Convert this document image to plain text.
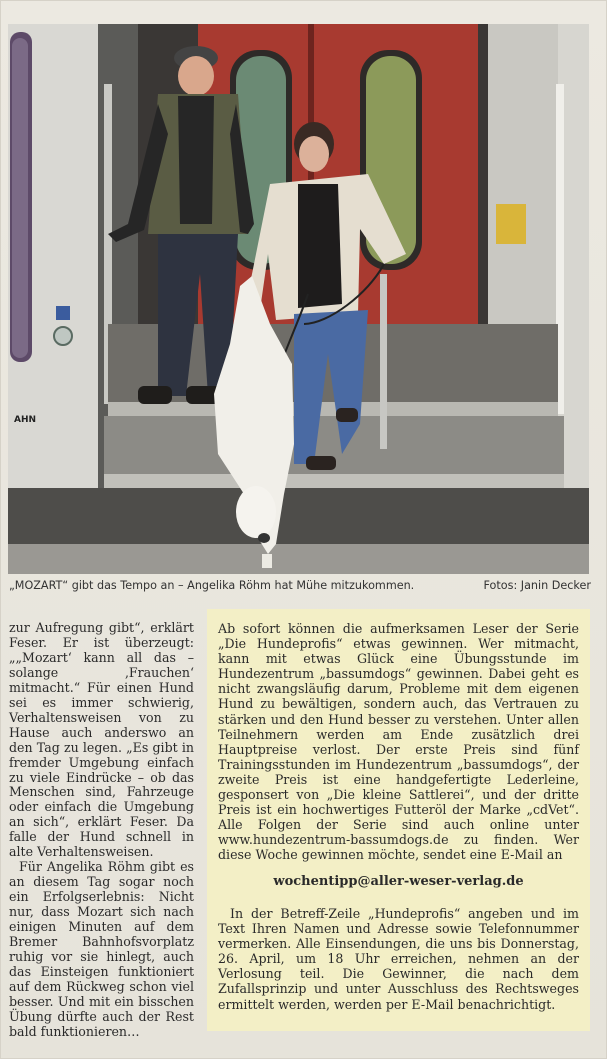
AHN
„MOZART“ gibt das Tempo an – Angelika Röhm hat Mühe mitzukommen.	Fotos: Janin Decker

zur Aufregung gibt“, erklärt Feser. Er ist überzeugt: „„Mozart‘ kann all das – solange ‚Frauchen‘ mitmacht.“ Für einen Hund sei es immer schwierig, Verhaltensweisen von zu Hause auch anderswo an den Tag zu legen. „Es gibt in fremder Umgebung einfach zu viele Eindrücke – ob das Menschen sind, Fahrzeuge oder einfach die Umgebung an sich“, erklärt Feser. Da falle der Hund schnell in alte Verhaltensweisen.

Für Angelika Röhm gibt es an diesem Tag sogar noch ein Erfolgserlebnis: Nicht nur, dass Mozart sich nach einigen Minuten auf dem Bremer Bahnhofsvorplatz ruhig vor sie hinlegt, auch das Einsteigen funktioniert auf dem Rückweg schon viel besser. Und mit ein bisschen Übung dürfte auch der Rest bald funktionieren…

Ab sofort können die aufmerksamen Leser der Serie „Die Hundeprofis“ etwas gewinnen. Wer mitmacht, kann mit etwas Glück eine Übungsstunde im Hundezentrum „bassumdogs“ gewinnen. Dabei geht es nicht zwangsläufig darum, Probleme mit dem eigenen Hund zu bewältigen, sondern auch, das Vertrauen zu stärken und den Hund besser zu verstehen. Unter allen Teilnehmern werden am Ende zusätzlich drei Hauptpreise verlost. Der erste Preis sind fünf Trainingsstunden im Hundezentrum „bassumdogs“, der zweite Preis ist eine handgefertigte Lederleine, gesponsert von „Die kleine Sattlerei“, und der dritte Preis ist ein hochwertiges Futteröl der Marke „cdVet“. Alle Folgen der Serie sind auch online unter www.hundezentrum-bassumdogs.de zu finden. Wer diese Woche gewinnen möchte, sendet eine E-Mail an

wochentipp@aller-weser-verlag.de
In der Betreff-Zeile „Hundeprofis“ angeben und im Text Ihren Namen und Adresse sowie Telefonnummer vermerken. Alle Einsendungen, die uns bis Donnerstag, 26. April, um 18 Uhr erreichen, nehmen an der Verlosung teil. Die Gewinner, die nach dem Zufallsprinzip und unter Ausschluss des Rechtsweges ermittelt werden, werden per E-Mail benachrichtigt.
